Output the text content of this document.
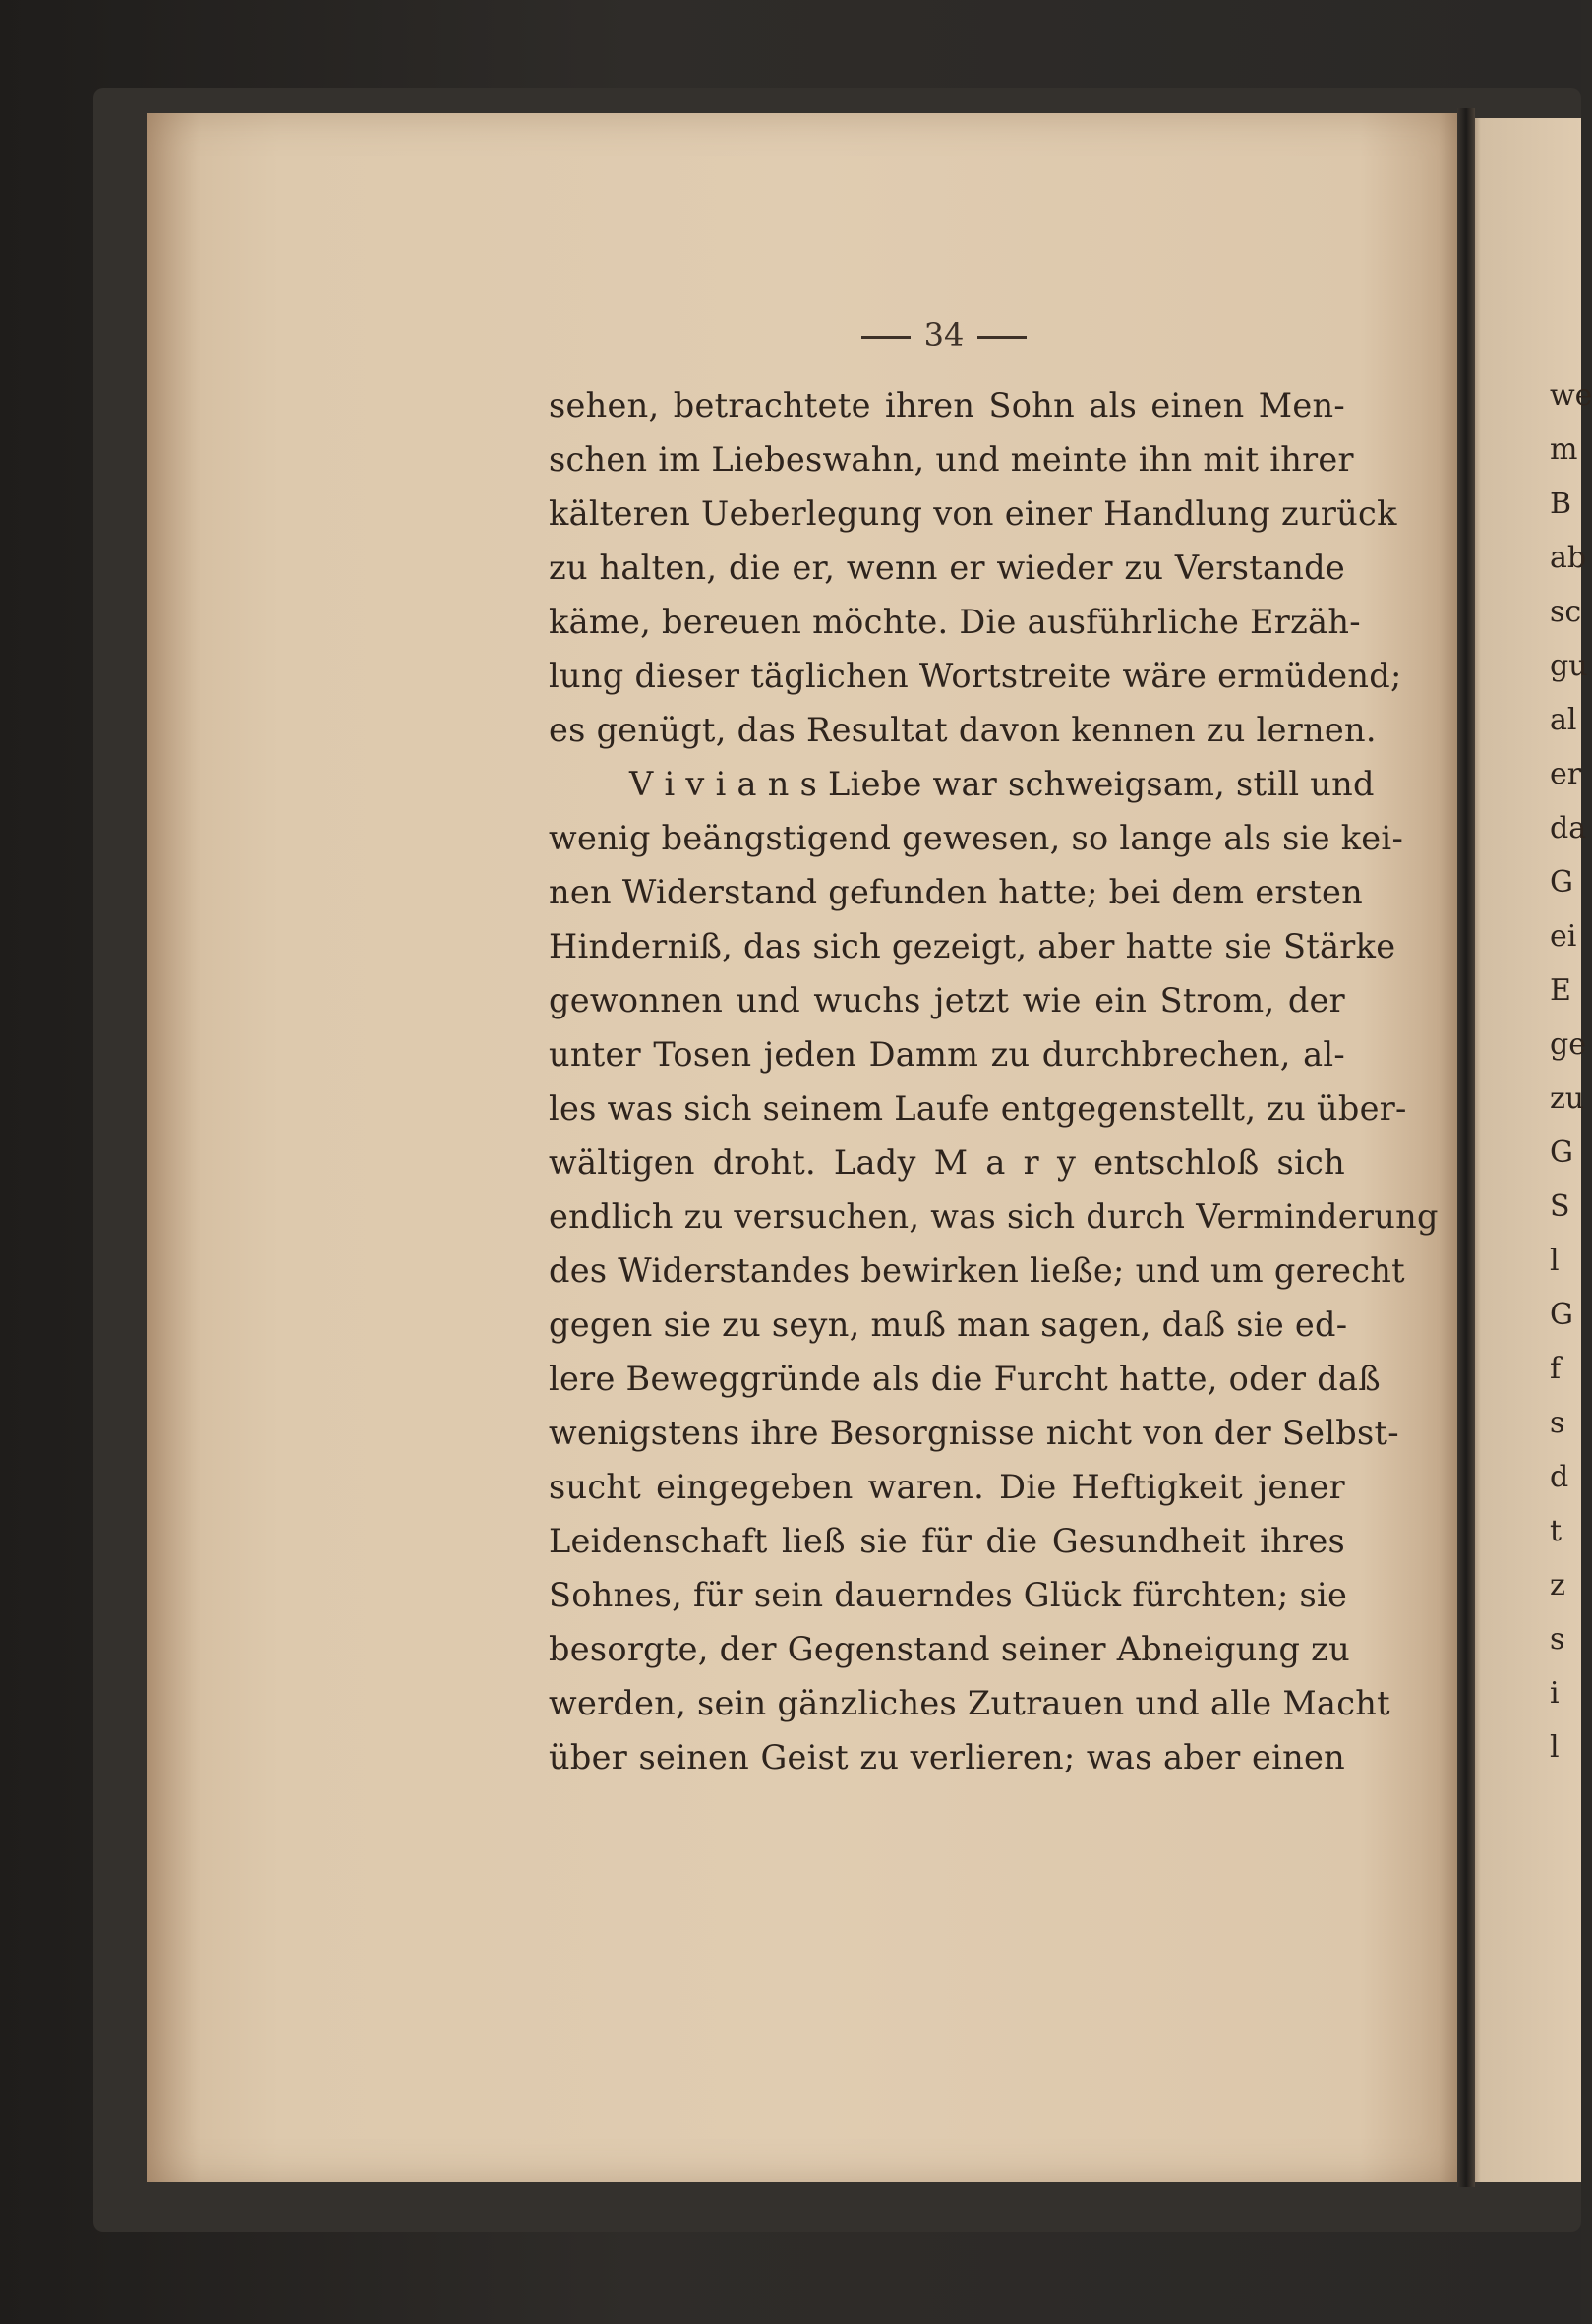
34
sehen, betrachtete ihren Sohn als einen Men-
schen im Liebeswahn, und meinte ihn mit ihrer
kälteren Ueberlegung von einer Handlung zurück
zu halten, die er, wenn er wieder zu Verstande
käme, bereuen möchte. Die ausführliche Erzäh-
lung dieser täglichen Wortstreite wäre ermüdend;
es genügt, das Resultat davon kennen zu lernen.
V i v i a n s Liebe war schweigsam, still und
wenig beängstigend gewesen, so lange als sie kei-
nen Widerstand gefunden hatte; bei dem ersten
Hinderniß, das sich gezeigt, aber hatte sie Stärke
gewonnen und wuchs jetzt wie ein Strom, der
unter Tosen jeden Damm zu durchbrechen, al-
les was sich seinem Laufe entgegenstellt, zu über-
wältigen droht. Lady M a r y entschloß sich
endlich zu versuchen, was sich durch Verminderung
des Widerstandes bewirken ließe; und um gerecht
gegen sie zu seyn, muß man sagen, daß sie ed-
lere Beweggründe als die Furcht hatte, oder daß
wenigstens ihre Besorgnisse nicht von der Selbst-
sucht eingegeben waren. Die Heftigkeit jener
Leidenschaft ließ sie für die Gesundheit ihres
Sohnes, für sein dauerndes Glück fürchten; sie
besorgte, der Gegenstand seiner Abneigung zu
werden, sein gänzliches Zutrauen und alle Macht
über seinen Geist zu verlieren; was aber einen
we
m
B
ab
sc
gu
al
er
da
G
ei
E
ge
zu
G
S
l
G
f
s
d
t
z
s
i
l
